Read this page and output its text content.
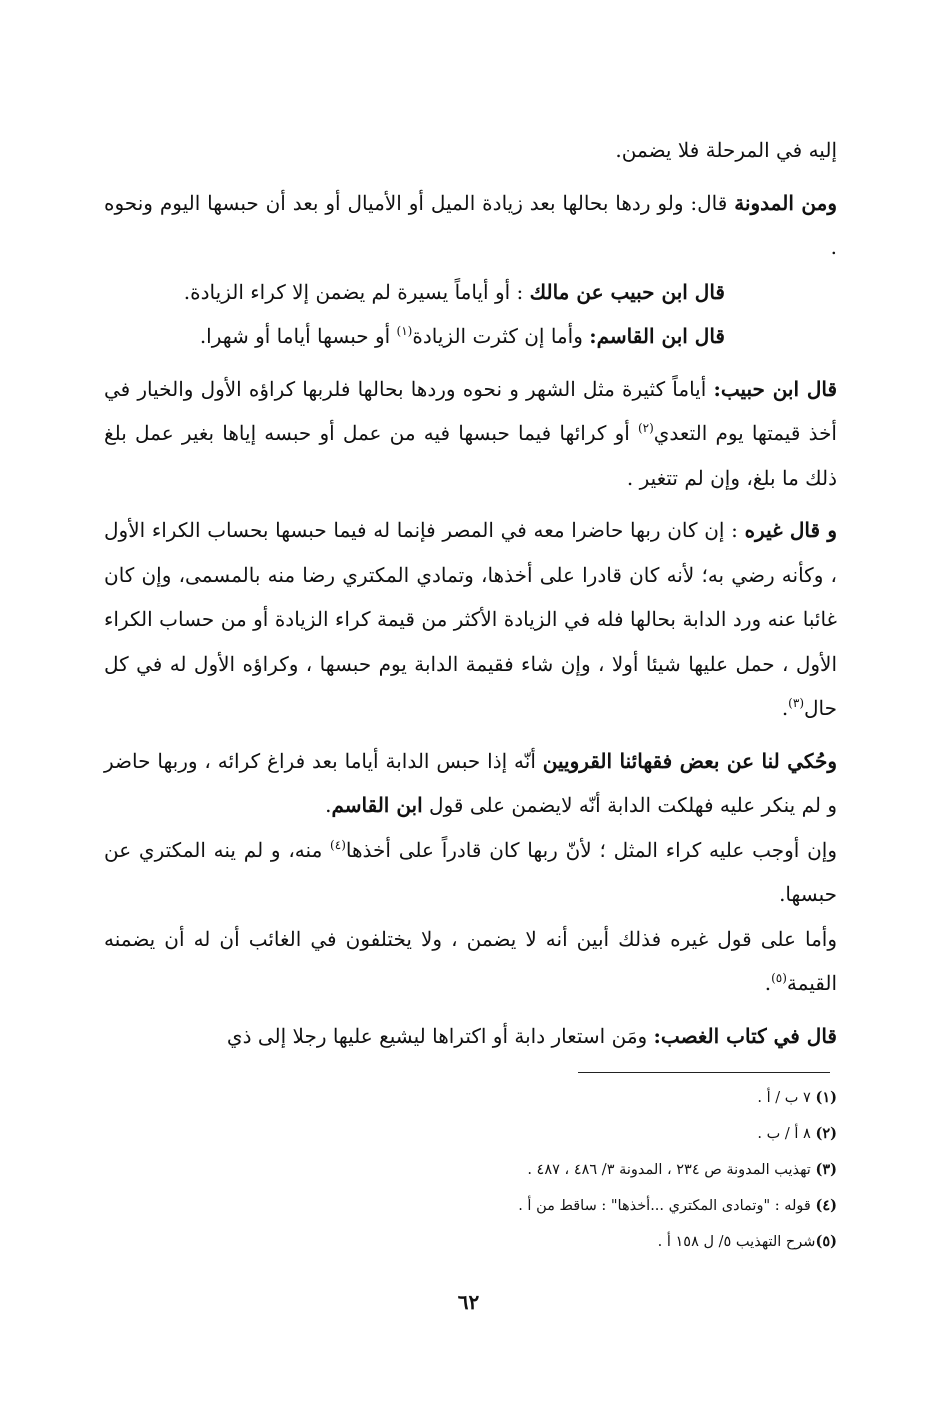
إليه في المرحلة فلا يضمن.

ومن المدونة قال: ولو ردها بحالها بعد زيادة الميل أو الأميال أو بعد أن حبسها اليوم ونحوه .

قال ابن حبيب عن مالك : أو أياماً يسيرة لم يضمن إلا كراء الزيادة.

قال ابن القاسم: وأما إن كثرت الزيادة$^{(١)}$ أو حبسها أياما أو شهرا.

قال ابن حبيب: أياماً كثيرة مثل الشهر و نحوه وردها بحالها فلربها كراؤه الأول والخيار في أخذ قيمتها يوم التعدي$^{(٢)}$ أو كرائها فيما حبسها فيه من عمل أو حبسه إياها بغير عمل بلغ ذلك ما بلغ، وإن لم تتغير .

و قال غيره : إن كان ربها حاضرا معه في المصر فإنما له فيما حبسها بحساب الكراء الأول ، وكأنه رضي به؛ لأنه كان قادرا على أخذها، وتمادي المكتري رضا منه بالمسمى، وإن كان غائبا عنه ورد الدابة بحالها فله في الزيادة الأكثر من قيمة كراء الزيادة أو من حساب الكراء الأول ، حمل عليها شيئا أولا ، وإن شاء فقيمة الدابة يوم حبسها ، وكراؤه الأول له في كل حال$^{(٣)}$.

وحُكي لنا عن بعض فقهائنا القرويين أنّه إذا حبس الدابة أياما بعد فراغ كرائه ، وربها حاضر و لم ينكر عليه فهلكت الدابة أنّه لايضمن على قول ابن القاسم.

وإن أوجب عليه كراء المثل ؛ لأنّ ربها كان قادراً على أخذها$^{(٤)}$ منه، و لم ينه المكتري عن حبسها.

وأما على قول غيره فذلك أبين أنه لا يضمن ، ولا يختلفون في الغائب أن له أن يضمنه القيمة$^{(٥)}$.

قال في كتاب الغصب: ومَن استعار دابة أو اكتراها ليشيع عليها رجلا إلى ذي

(١) ٧ ب / أ .
(٢) ٨ أ / ب .
(٣) تهذيب المدونة ص ٢٣٤ ، المدونة ٣/ ٤٨٦ ، ٤٨٧ .
(٤) قوله : "وتمادى المكتري ...أخذها" : ساقط من أ .
(٥)شرح التهذيب ٥/ ل ١٥٨ أ .
٦٢
